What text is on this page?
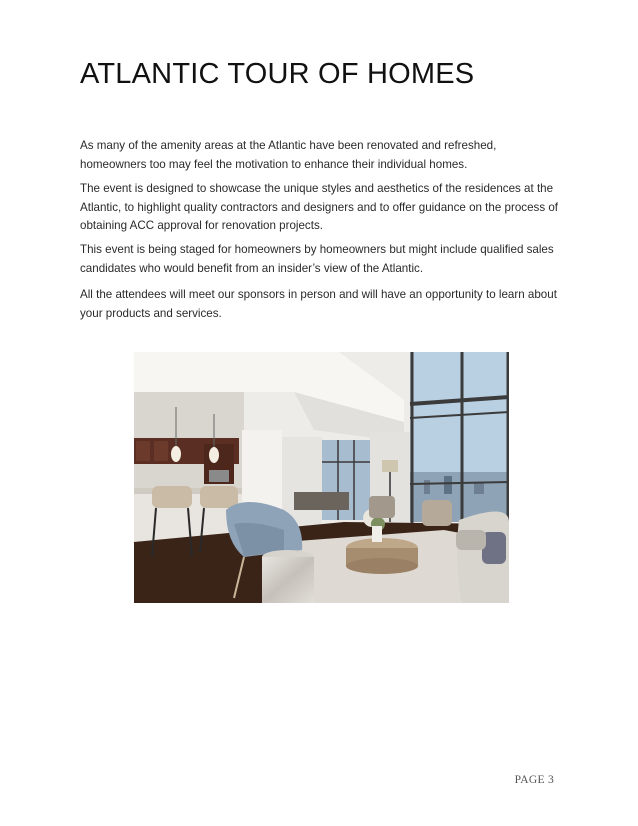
ATLANTIC TOUR OF HOMES

As many of the amenity areas at the Atlantic have been renovated and refreshed, homeowners too may feel the motivation to enhance their individual homes.

The event is designed to showcase the unique styles and aesthetics of the residences at the Atlantic, to highlight quality contractors and designers and to offer guidance on the process of obtaining ACC approval for renovation projects.

This event is being staged for homeowners by homeowners but might include qualified sales candidates who would benefit from an insider’s view of the Atlantic.

All the attendees will meet our sponsors in person and will have an opportunity to learn about your products and services.

PAGE 3
